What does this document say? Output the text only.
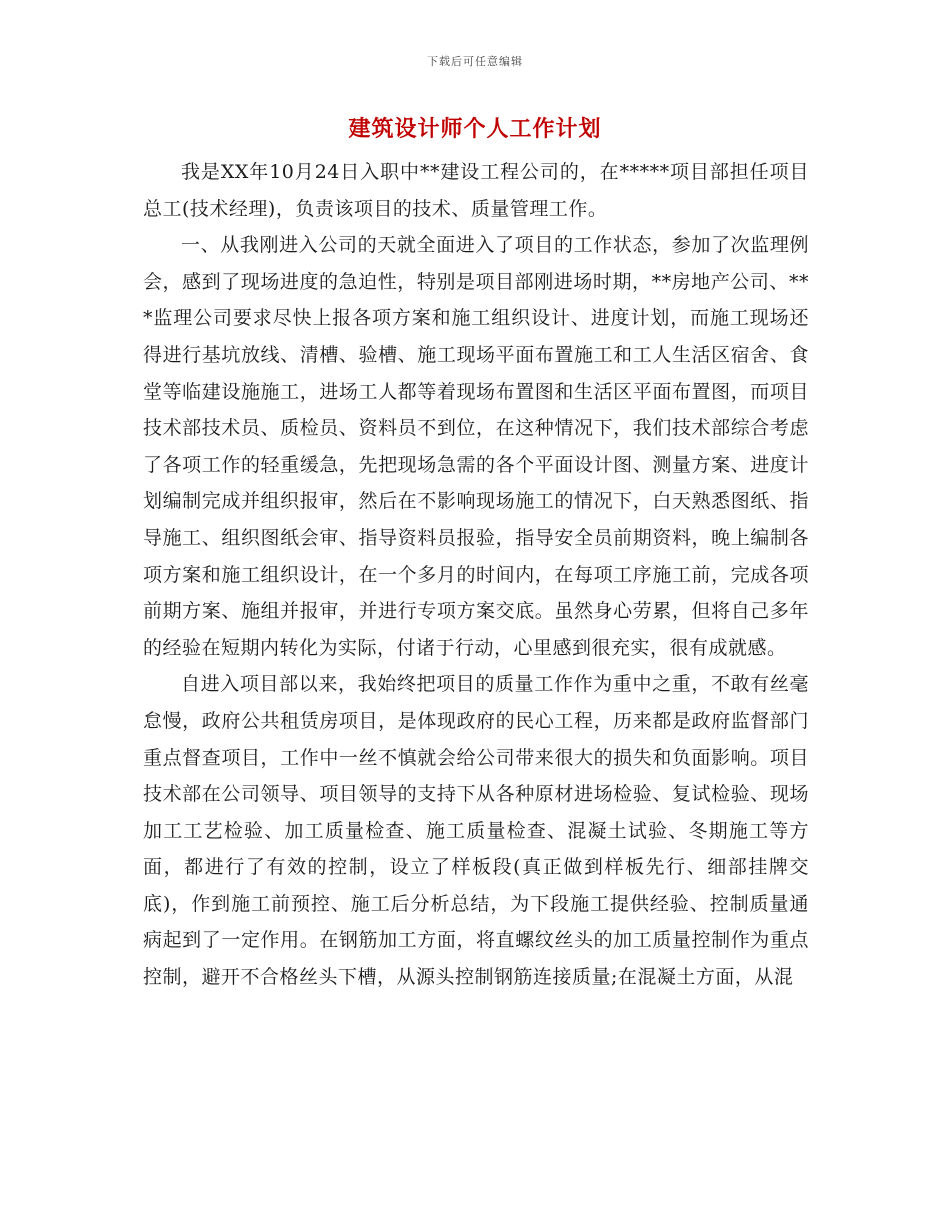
下载后可任意编辑
建筑设计师个人工作计划

我是XX年10月24日入职中**建设工程公司的，在*****项目部担任项目总工(技术经理)，负责该项目的技术、质量管理工作。

一、从我刚进入公司的天就全面进入了项目的工作状态，参加了次监理例会，感到了现场进度的急迫性，特别是项目部刚进场时期，**房地产公司、***监理公司要求尽快上报各项方案和施工组织设计、进度计划，而施工现场还得进行基坑放线、清槽、验槽、施工现场平面布置施工和工人生活区宿舍、食堂等临建设施施工，进场工人都等着现场布置图和生活区平面布置图，而项目技术部技术员、质检员、资料员不到位，在这种情况下，我们技术部综合考虑了各项工作的轻重缓急，先把现场急需的各个平面设计图、测量方案、进度计划编制完成并组织报审，然后在不影响现场施工的情况下，白天熟悉图纸、指导施工、组织图纸会审、指导资料员报验，指导安全员前期资料，晚上编制各项方案和施工组织设计，在一个多月的时间内，在每项工序施工前，完成各项前期方案、施组并报审，并进行专项方案交底。虽然身心劳累，但将自己多年的经验在短期内转化为实际，付诸于行动，心里感到很充实，很有成就感。

自进入项目部以来，我始终把项目的质量工作作为重中之重，不敢有丝毫怠慢，政府公共租赁房项目，是体现政府的民心工程，历来都是政府监督部门重点督查项目，工作中一丝不慎就会给公司带来很大的损失和负面影响。项目技术部在公司领导、项目领导的支持下从各种原材进场检验、复试检验、现场加工工艺检验、加工质量检查、施工质量检查、混凝土试验、冬期施工等方面，都进行了有效的控制，设立了样板段(真正做到样板先行、细部挂牌交底)，作到施工前预控、施工后分析总结，为下段施工提供经验、控制质量通病起到了一定作用。在钢筋加工方面，将直螺纹丝头的加工质量控制作为重点控制，避开不合格丝头下槽，从源头控制钢筋连接质量;在混凝土方面，从混
